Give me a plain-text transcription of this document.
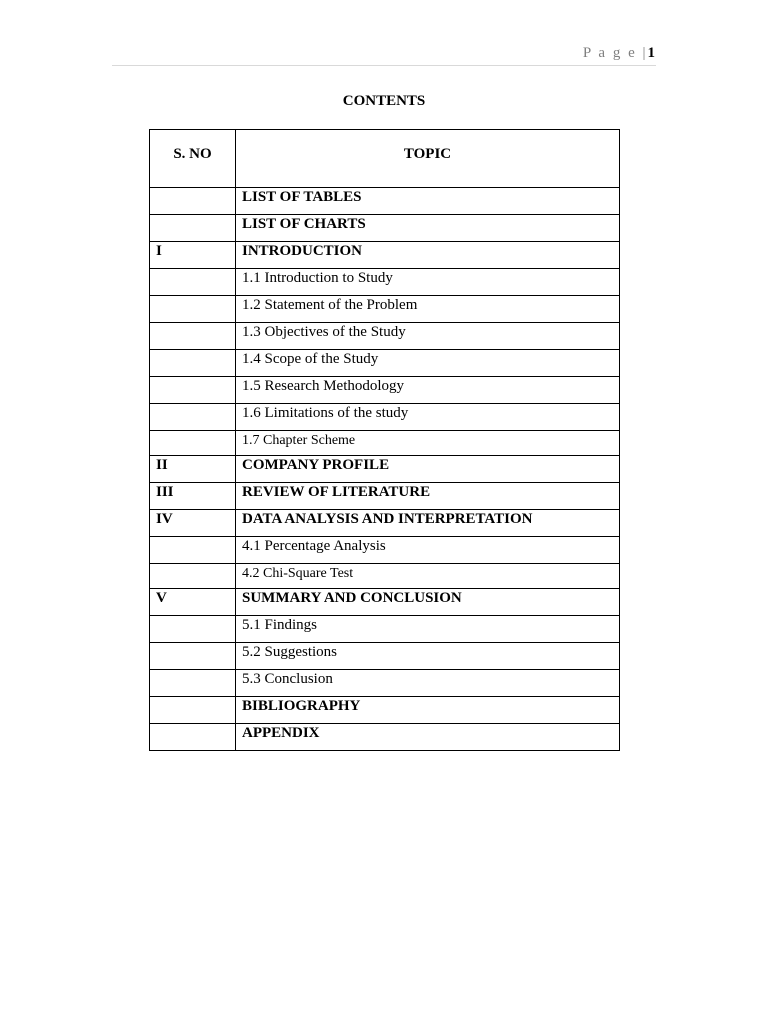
P a g e | 1
CONTENTS
S. NO	TOPIC
	LIST OF TABLES
	LIST OF CHARTS
I	INTRODUCTION
	1.1 Introduction to Study
	1.2 Statement of the Problem
	1.3 Objectives of the Study
	1.4 Scope of the Study
	1.5 Research Methodology
	1.6 Limitations of the study
	1.7 Chapter Scheme
II	COMPANY PROFILE
III	REVIEW OF LITERATURE
IV	DATA ANALYSIS AND INTERPRETATION
	4.1 Percentage Analysis
	4.2 Chi-Square Test
V	SUMMARY AND CONCLUSION
	5.1 Findings
	5.2 Suggestions
	5.3 Conclusion
	BIBLIOGRAPHY
	APPENDIX
